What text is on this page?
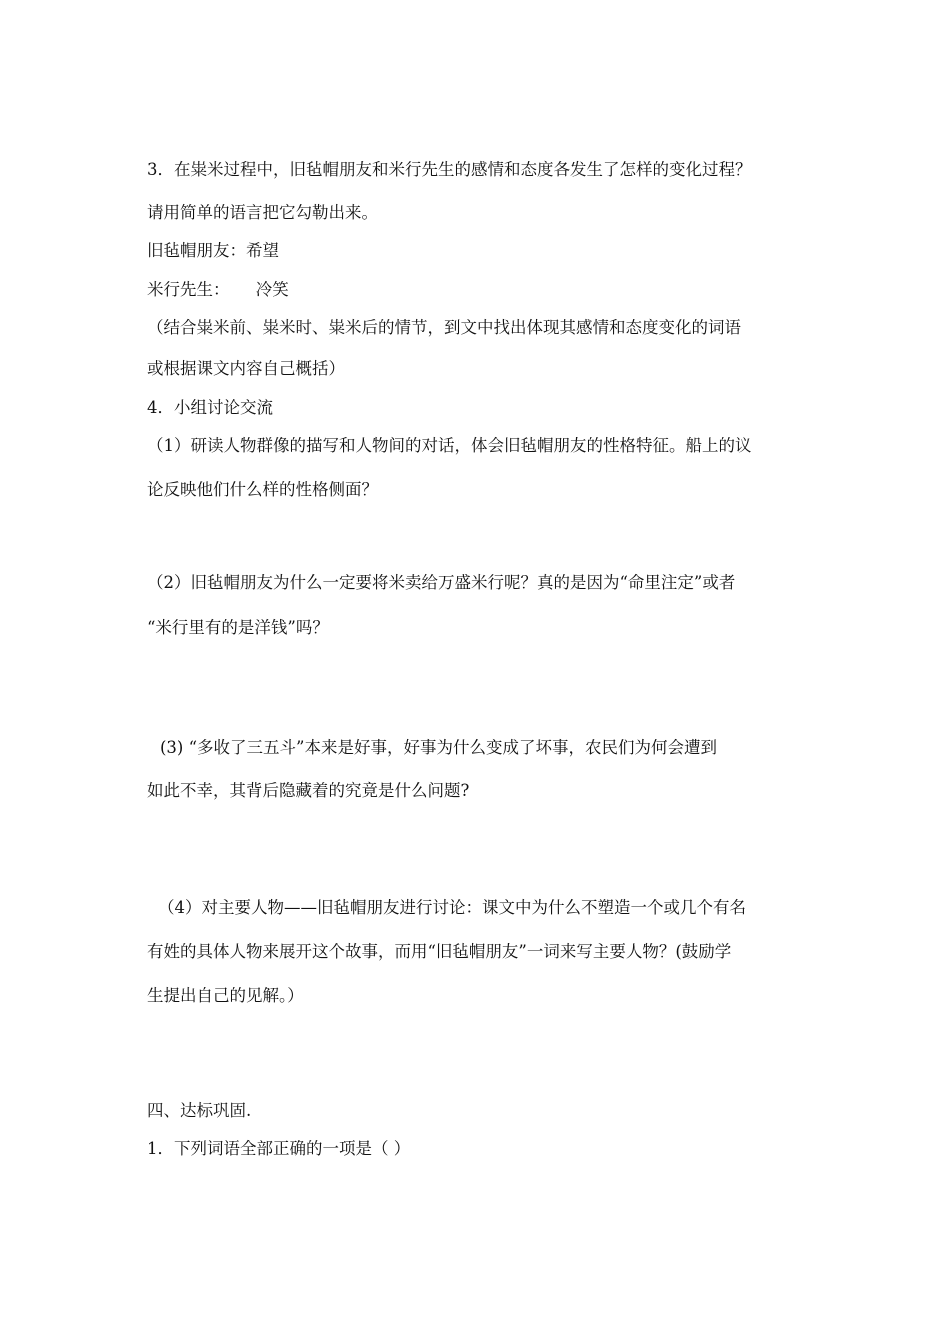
3．在粜米过程中，旧毡帽朋友和米行先生的感情和态度各发生了怎样的变化过程？
请用简单的语言把它勾勒出来。
旧毡帽朋友：希望
米行先生：     冷笑
（结合粜米前、粜米时、粜米后的情节，到文中找出体现其感情和态度变化的词语
或根据课文内容自己概括）
4．小组讨论交流
（1）研读人物群像的描写和人物间的对话，体会旧毡帽朋友的性格特征。船上的议
论反映他们什么样的性格侧面？
（2）旧毡帽朋友为什么一定要将米卖给万盛米行呢？真的是因为“命里注定”或者
“米行里有的是洋钱”吗？
(3) “多收了三五斗”本来是好事，好事为什么变成了坏事，农民们为何会遭到
如此不幸，其背后隐藏着的究竟是什么问题?
（4）对主要人物——旧毡帽朋友进行讨论：课文中为什么不塑造一个或几个有名
有姓的具体人物来展开这个故事，而用“旧毡帽朋友”一词来写主要人物？(鼓励学
生提出自己的见解。）
四、达标巩固.
1．下列词语全部正确的一项是（ ）
